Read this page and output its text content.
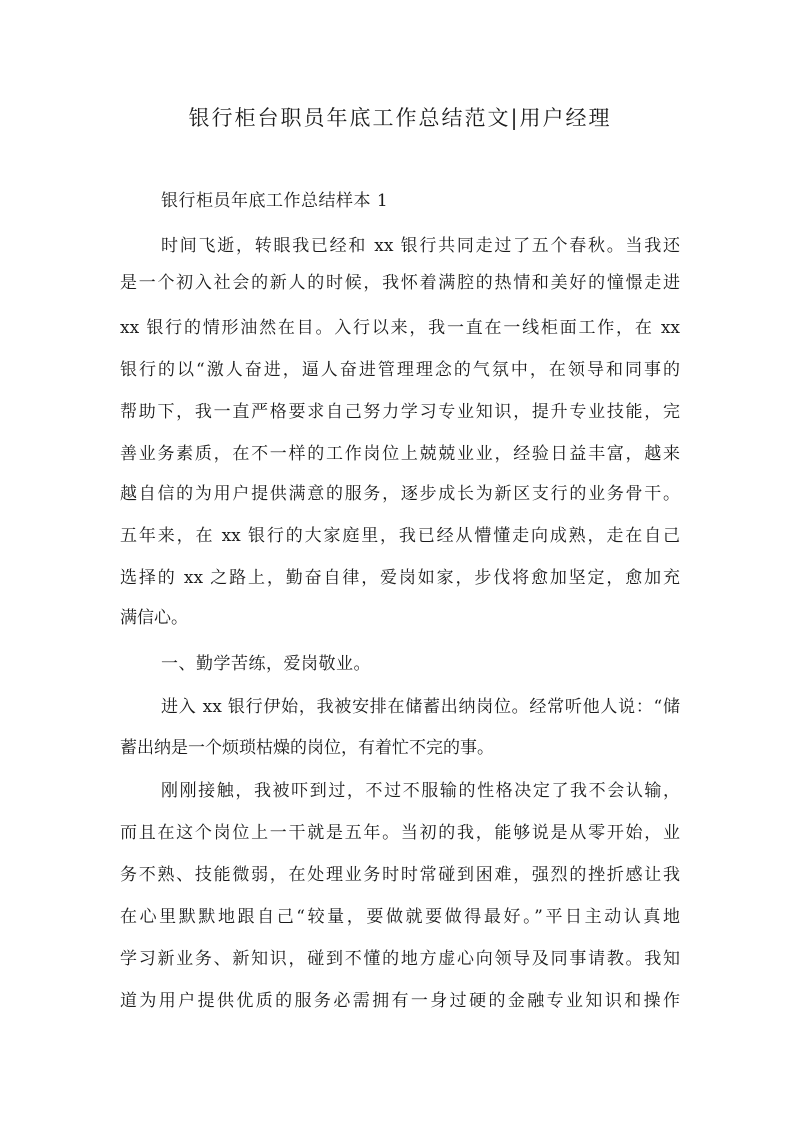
银行柜台职员年底工作总结范文|用户经理
银行柜员年底工作总结样本 1
时间飞逝，转眼我已经和 xx 银行共同走过了五个春秋。当我还
是一个初入社会的新人的时候，我怀着满腔的热情和美好的憧憬走进
xx 银行的情形油然在目。入行以来，我一直在一线柜面工作，在 xx
银行的以“激人奋进，逼人奋进管理理念的气氛中，在领导和同事的
帮助下，我一直严格要求自己努力学习专业知识，提升专业技能，完
善业务素质，在不一样的工作岗位上兢兢业业，经验日益丰富，越来
越自信的为用户提供满意的服务，逐步成长为新区支行的业务骨干。
五年来，在 xx 银行的大家庭里，我已经从懵懂走向成熟，走在自己
选择的 xx 之路上，勤奋自律，爱岗如家，步伐将愈加坚定，愈加充
满信心。
一、勤学苦练，爱岗敬业。
进入 xx 银行伊始，我被安排在储蓄出纳岗位。经常听他人说：“储
蓄出纳是一个烦琐枯燥的岗位，有着忙不完的事。
刚刚接触，我被吓到过，不过不服输的性格决定了我不会认输，
而且在这个岗位上一干就是五年。当初的我，能够说是从零开始，业
务不熟、技能微弱，在处理业务时时常碰到困难，强烈的挫折感让我
在心里默默地跟自己“较量，要做就要做得最好。”平日主动认真地
学习新业务、新知识，碰到不懂的地方虚心向领导及同事请教。我知
道为用户提供优质的服务必需拥有一身过硬的金融专业知识和操作
